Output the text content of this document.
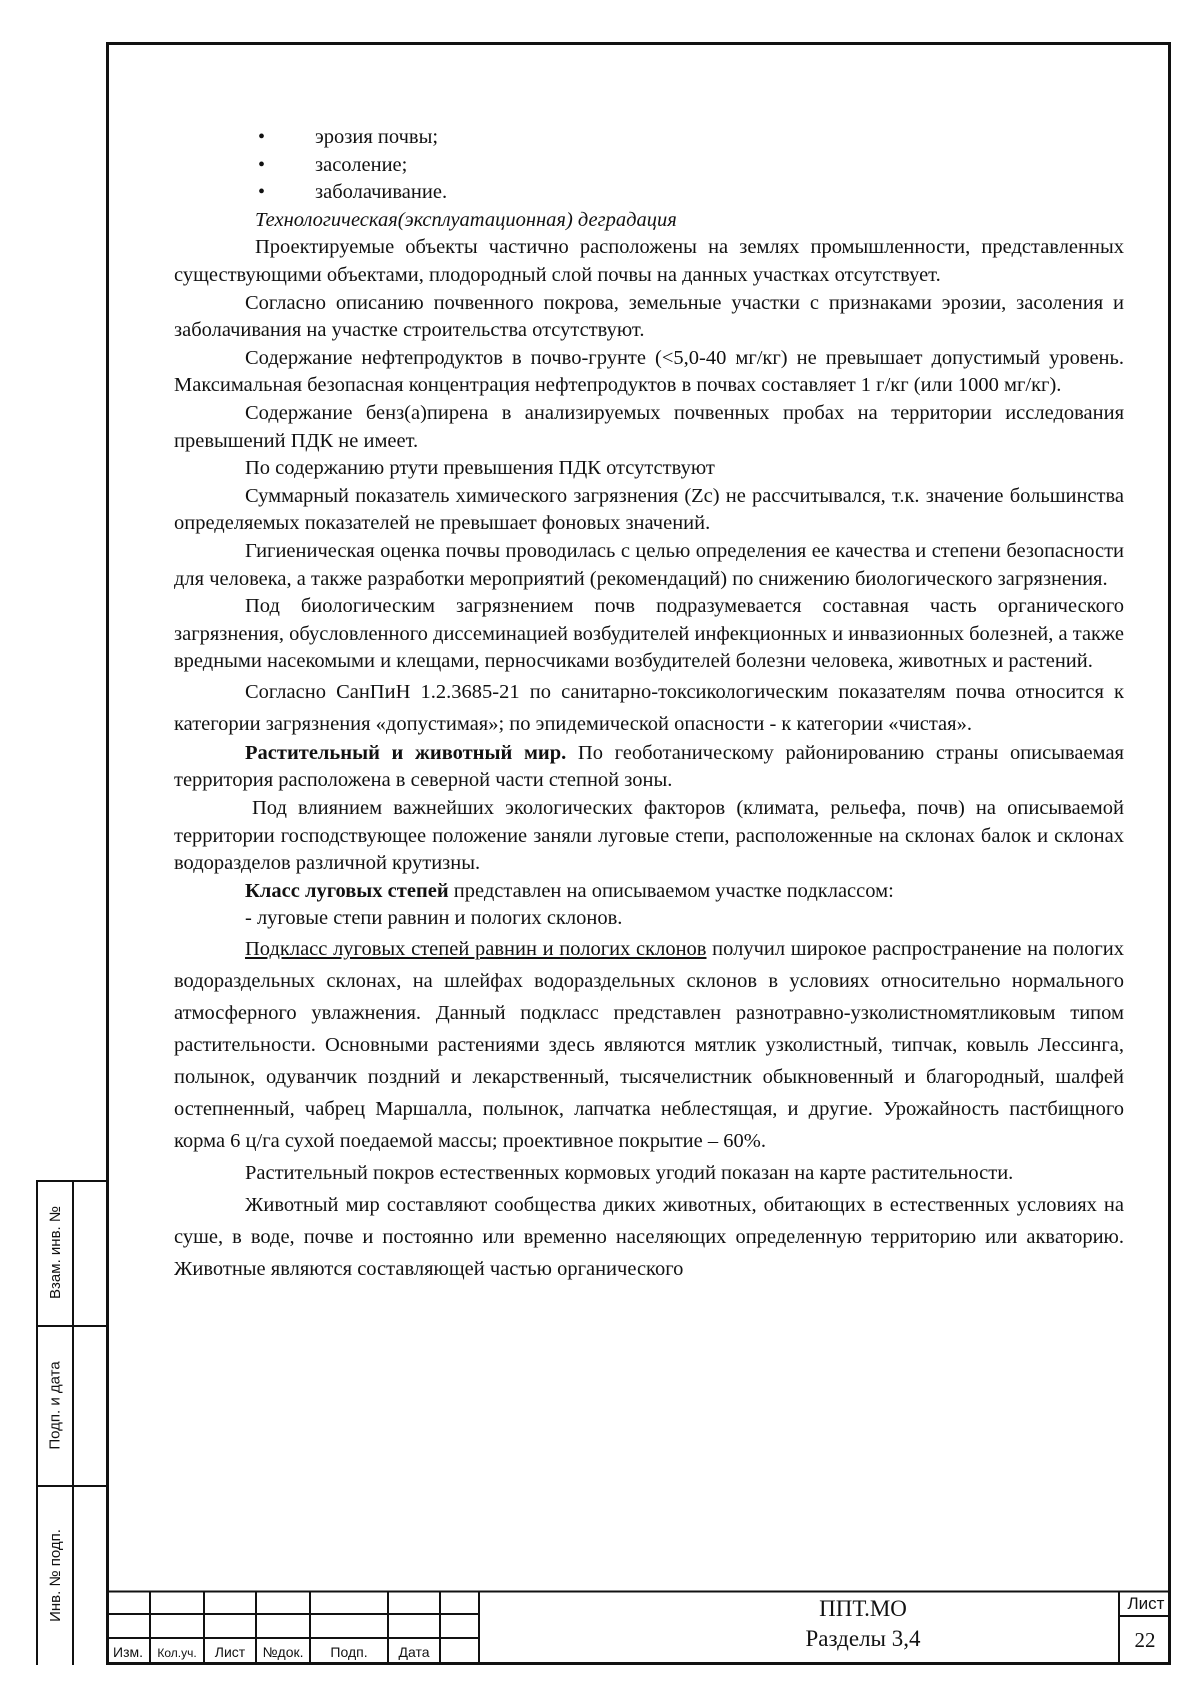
Взам. инв. №
Подп. и дата
Инв. № подп.

• эрозия почвы;

• засоление;

• заболачивание.

Технологическая(эксплуатационная) деградация

Проектируемые объекты частично расположены на землях промышленности, представленных существующими объектами, плодородный слой почвы на данных участках отсутствует.

Согласно описанию почвенного покрова, земельные участки с признаками эрозии, засоления и заболачивания на участке строительства отсутствуют.

Содержание нефтепродуктов в почво-грунте (<5,0-40 мг/кг) не превышает допустимый уровень. Максимальная безопасная концентрация нефтепродуктов в почвах составляет 1 г/кг (или 1000 мг/кг).

Содержание бенз(а)пирена в анализируемых почвенных пробах на территории исследования превышений ПДК не имеет.

По содержанию ртути превышения ПДК отсутствуют

Суммарный показатель химического загрязнения (Zc) не рассчитывался, т.к. значение большинства определяемых показателей не превышает фоновых значений.

Гигиеническая оценка почвы проводилась с целью определения ее качества и степени безопасности для человека, а также разработки мероприятий (рекомендаций) по снижению биологического загрязнения.

Под биологическим загрязнением почв подразумевается составная часть органического загрязнения, обусловленного диссеминацией возбудителей инфекционных и инвазионных болезней, а также вредными насекомыми и клещами, перносчиками возбудителей болезни человека, животных и растений.

Согласно СанПиН 1.2.3685-21 по санитарно-токсикологическим показателям почва относится к категории загрязнения «допустимая»; по эпидемической опасности - к категории «чистая».

Растительный и животный мир. По геоботаническому районированию страны описываемая территория расположена в северной части степной зоны.

Под влиянием важнейших экологических факторов (климата, рельефа, почв) на описываемой территории господствующее положение заняли луговые степи, расположенные на склонах балок и склонах водоразделов различной крутизны.

Класс луговых степей представлен на описываемом участке подклассом:

- луговые степи равнин и пологих склонов.

Подкласс луговых степей равнин и пологих склонов получил широкое распространение на пологих водораздельных склонах, на шлейфах водораздельных склонов в условиях относительно нормального атмосферного увлажнения. Данный подкласс представлен разнотравно-узколистномятликовым типом растительности. Основными растениями здесь являются мятлик узколистный, типчак, ковыль Лессинга, полынок, одуванчик поздний и лекарственный, тысячелистник обыкновенный и благородный, шалфей остепненный, чабрец Маршалла, полынок, лапчатка неблестящая, и другие. Урожайность пастбищного корма 6 ц/га сухой поедаемой массы; проективное покрытие – 60%.

Растительный покров естественных кормовых угодий показан на карте растительности.

Животный мир составляют сообщества диких животных, обитающих в естественных условиях на суше, в воде, почве и постоянно или временно населяющих определенную территорию или акваторию. Животные являются составляющей частью органического

Изм.	Кол.уч.	Лист	№док.	Подп.	Дата
ППТ.МО
Разделы 3,4
Лист
22
